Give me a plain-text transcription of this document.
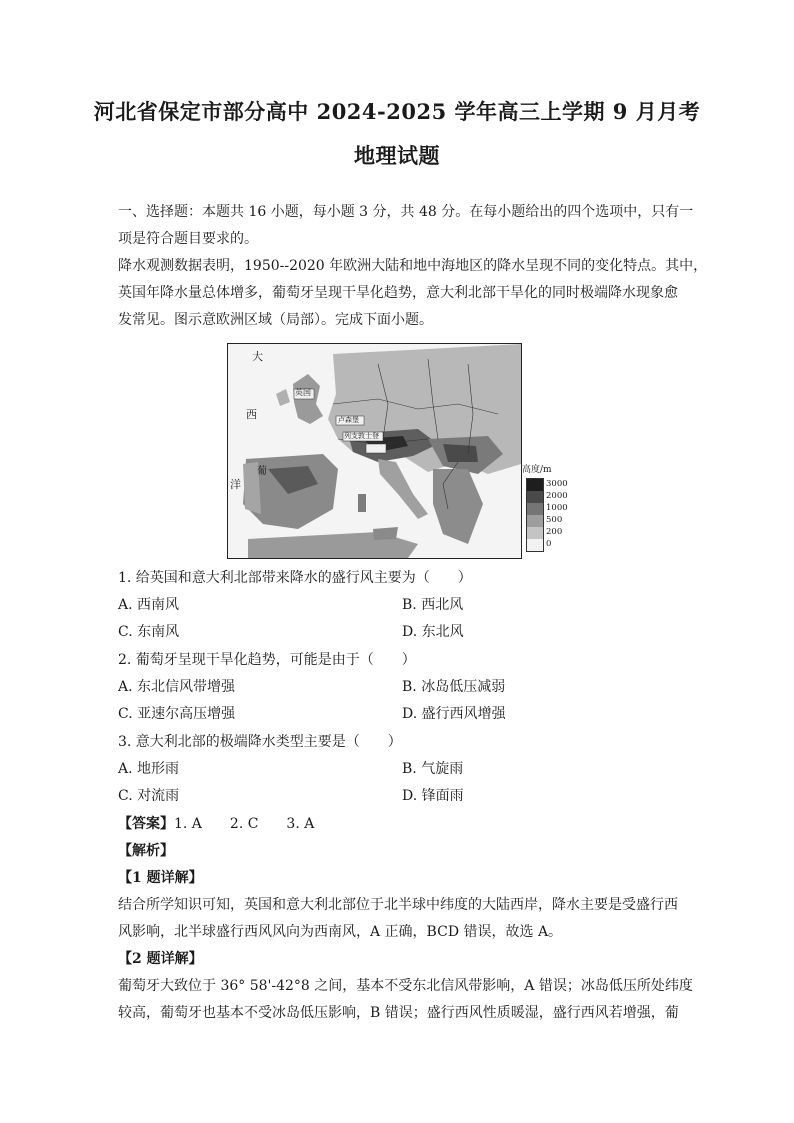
河北省保定市部分高中 2024-2025 学年高三上学期 9 月月考
地理试题
一、选择题：本题共 16 小题，每小题 3 分，共 48 分。在每小题给出的四个选项中，只有一
项是符合题目要求的。
降水观测数据表明，1950--2020 年欧洲大陆和地中海地区的降水呈现不同的变化特点。其中，
英国年降水量总体增多，葡萄牙呈现干旱化趋势，意大利北部干旱化的同时极端降水现象愈
发常见。图示意欧洲区域（局部）。完成下面小题。
大
西
洋
英国
葡
卢森堡
列支敦士登
高度/m
3000
2000
1000
500
200
0
1. 给英国和意大利北部带来降水的盛行风主要为（　　）
A. 西南风	B. 西北风
C. 东南风	D. 东北风
2. 葡萄牙呈现干旱化趋势，可能是由于（　　）
A. 东北信风带增强	B. 冰岛低压减弱
C. 亚速尔高压增强	D. 盛行西风增强
3. 意大利北部的极端降水类型主要是（　　）
A. 地形雨	B. 气旋雨
C. 对流雨	D. 锋面雨
【答案】1. A　　2. C　　3. A
【解析】
【1 题详解】
结合所学知识可知，英国和意大利北部位于北半球中纬度的大陆西岸，降水主要是受盛行西
风影响，北半球盛行西风风向为西南风，A 正确，BCD 错误，故选 A。
【2 题详解】
葡萄牙大致位于 36° 58'-42°8 之间，基本不受东北信风带影响，A 错误；冰岛低压所处纬度
较高，葡萄牙也基本不受冰岛低压影响，B 错误；盛行西风性质暖湿，盛行西风若增强，葡
